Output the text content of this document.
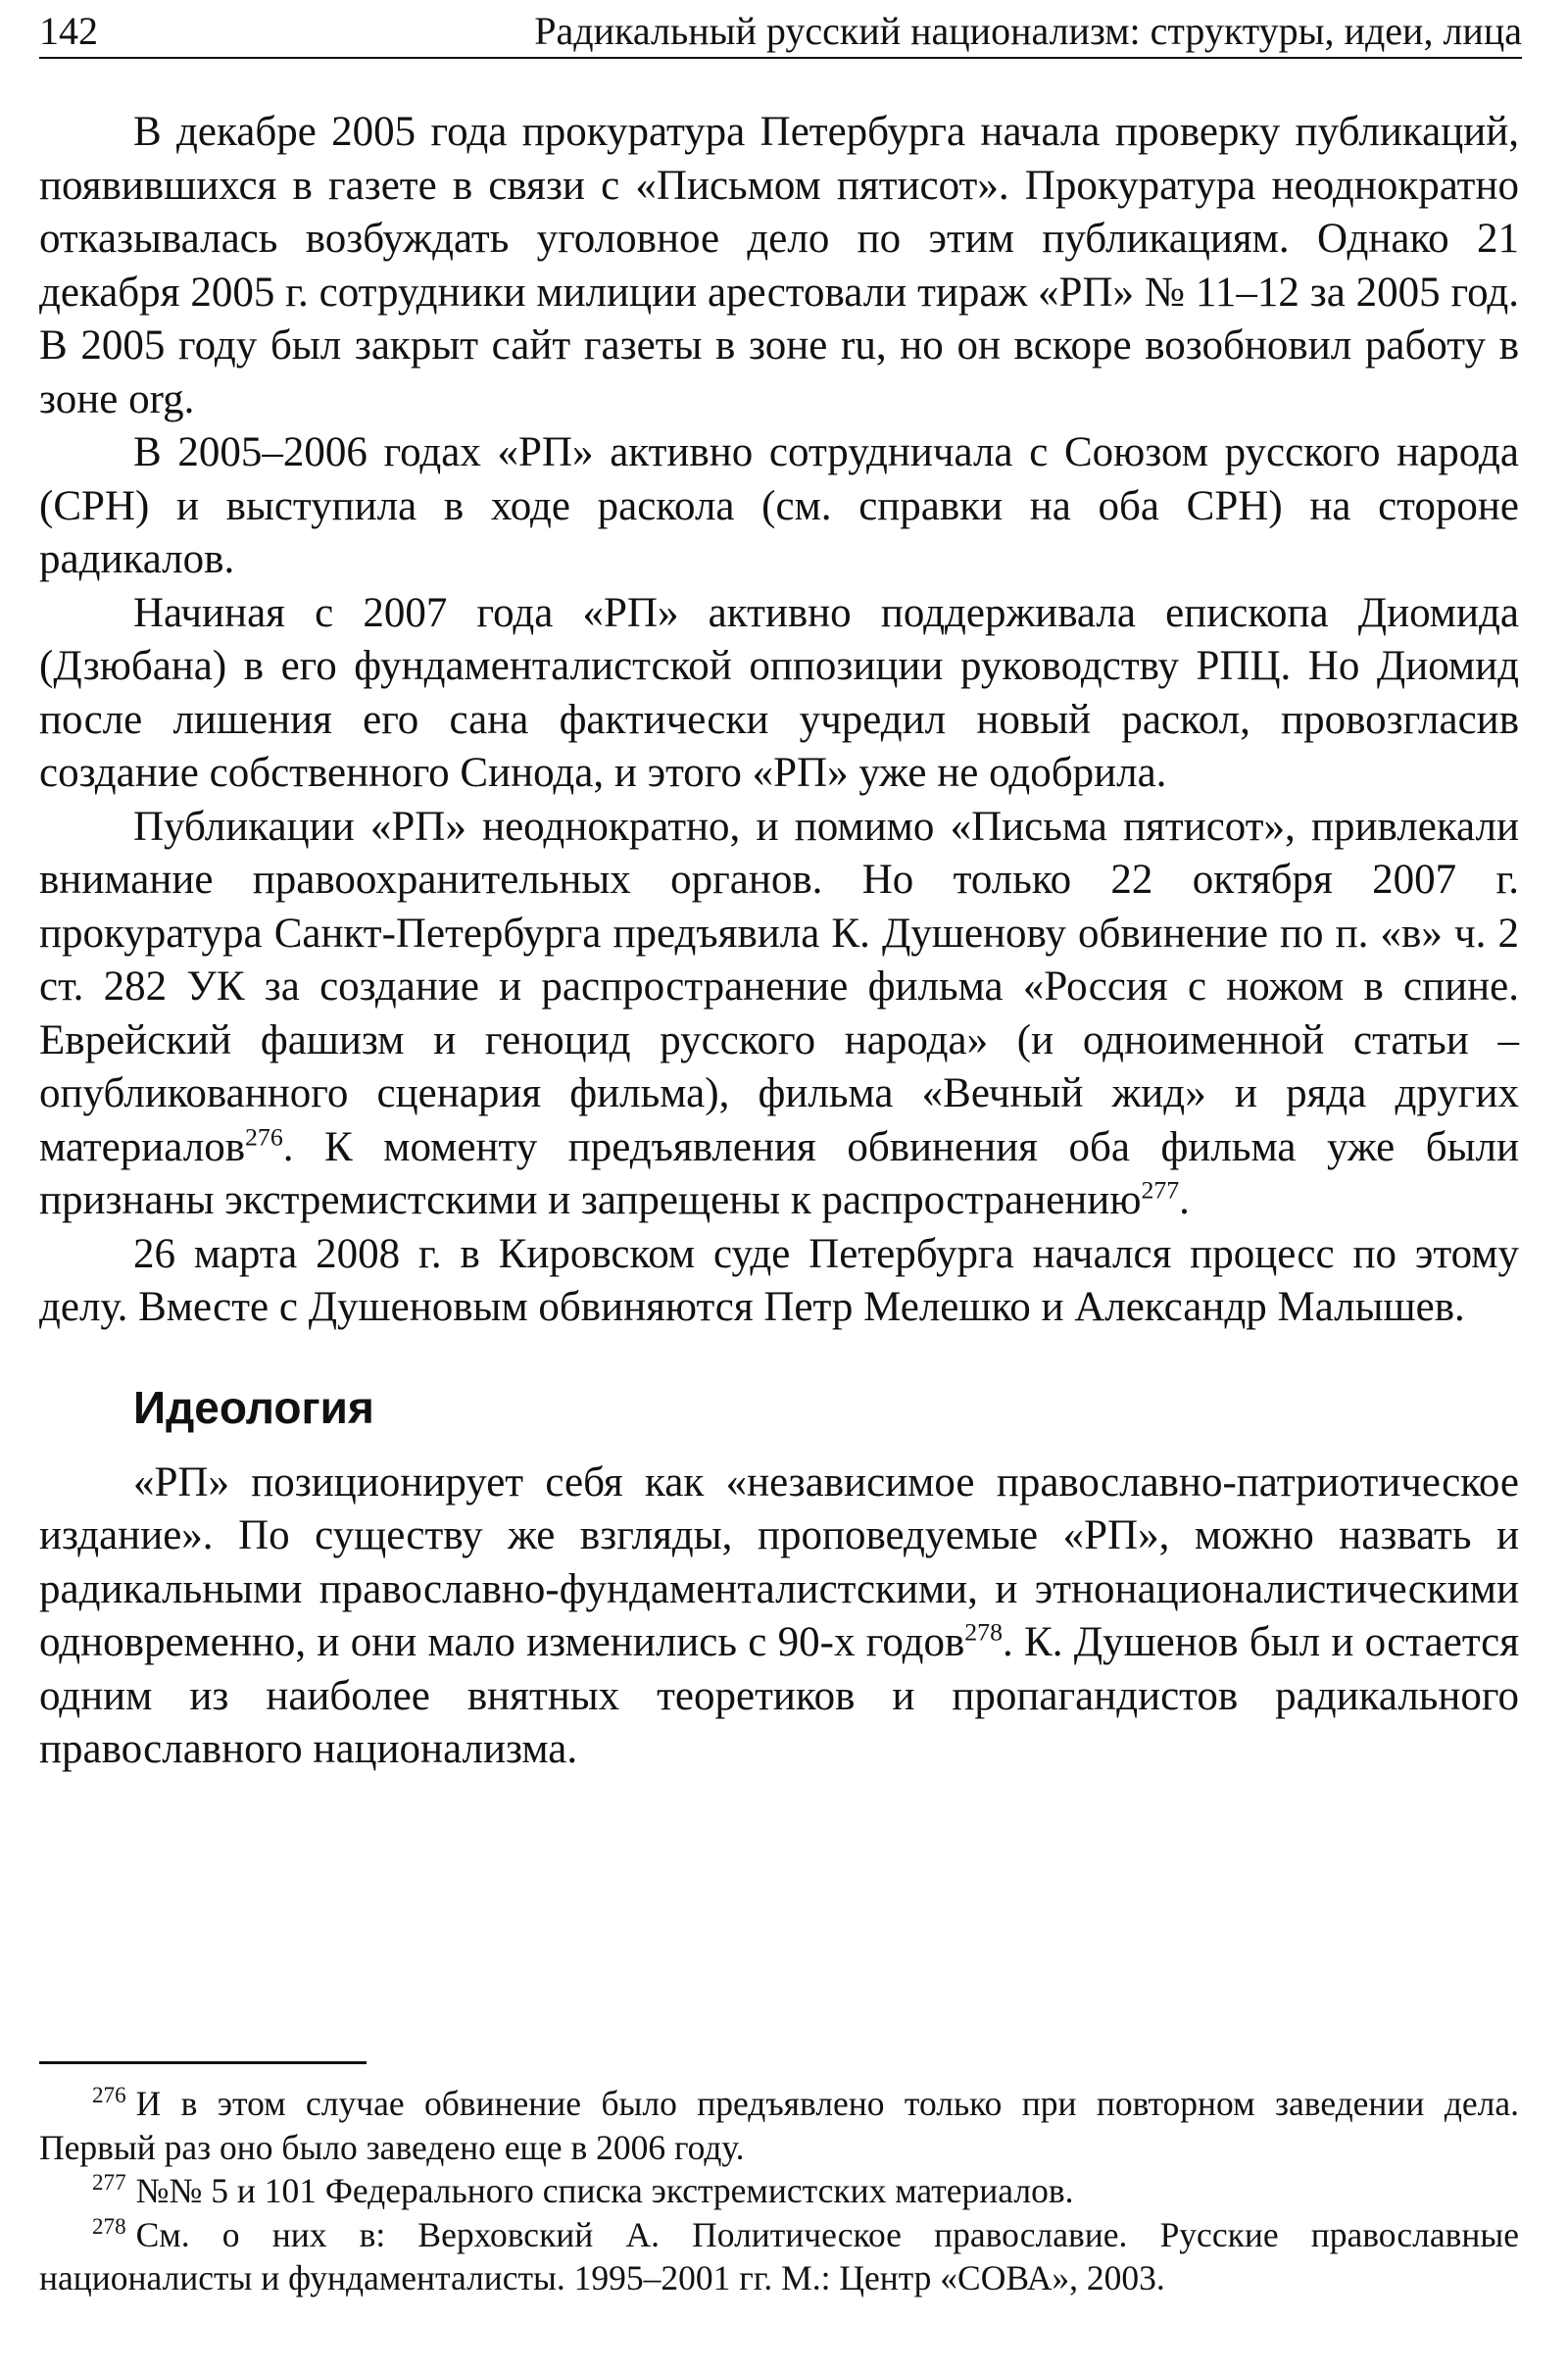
142	Радикальный русский национализм: структуры, идеи, лица

В декабре 2005 года прокуратура Петербурга начала проверку публикаций, появившихся в газете в связи с «Письмом пятисот». Прокуратура неоднократно отказывалась возбуждать уголовное дело по этим публикациям. Однако 21 декабря 2005 г. сотрудники милиции арестовали тираж «РП» № 11–12 за 2005 год. В 2005 году был закрыт сайт газеты в зоне ru, но он вскоре возобновил работу в зоне org.

В 2005–2006 годах «РП» активно сотрудничала с Союзом русского народа (СРН) и выступила в ходе раскола (см. справки на оба СРН) на стороне радикалов.

Начиная с 2007 года «РП» активно поддерживала епископа Диомида (Дзюбана) в его фундаменталистской оппозиции руководству РПЦ. Но Диомид после лишения его сана фактически учредил новый раскол, провозгласив создание собственного Синода, и этого «РП» уже не одобрила.

Публикации «РП» неоднократно, и помимо «Письма пятисот», привлекали внимание правоохранительных органов. Но только 22 октября 2007 г. прокуратура Санкт-Петербурга предъявила К. Душенову обвинение по п. «в» ч. 2 ст. 282 УК за создание и распространение фильма «Россия с ножом в спине. Еврейский фашизм и геноцид русского народа» (и одноименной статьи – опубликованного сценария фильма), фильма «Вечный жид» и ряда других материалов$^{276}$. К моменту предъявления обвинения оба фильма уже были признаны экстремистскими и запрещены к распространению$^{277}$.

26 марта 2008 г. в Кировском суде Петербурга начался процесс по этому делу. Вместе с Душеновым обвиняются Петр Мелешко и Александр Малышев.

Идеология

«РП» позиционирует себя как «независимое православно-патриотическое издание». По существу же взгляды, проповедуемые «РП», можно назвать и радикальными православно-фундаменталистскими, и этнонационалистическими одновременно, и они мало изменились с 90-х годов$^{278}$. К. Душенов был и остается одним из наиболее внятных теоретиков и пропагандистов радикального православного национализма.

$^{276}$ И в этом случае обвинение было предъявлено только при повторном заведении дела. Первый раз оно было заведено еще в 2006 году.

$^{277}$ №№ 5 и 101 Федерального списка экстремистских материалов.

$^{278}$ См. о них в: Верховский А. Политическое православие. Русские православные националисты и фундаменталисты. 1995–2001 гг. М.: Центр «СОВА», 2003.
